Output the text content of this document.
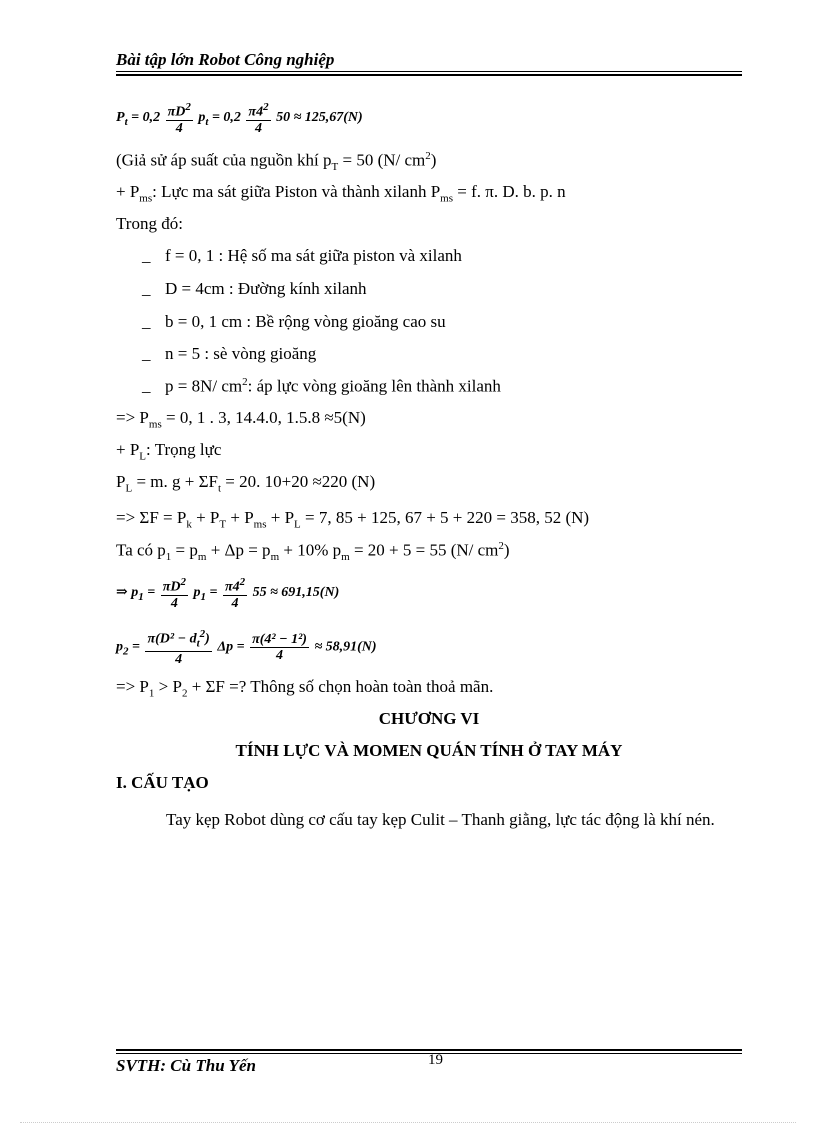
Bài tập lớn Robot Công nghiệp
$P_t = 0,2 \frac{\pi D^2}{4} p_t = 0,2 \frac{\pi 4^2}{4} 50 \approx 125,67(N)$
(Giả sử áp suất của nguồn khí $p_T = 50$ (N/ $cm^2$)
+ $P_{ms}$: Lực ma sát giữa Piston và thành xilanh $P_{ms} = f$. π. D. b. p. n
Trong đó:
_ f = 0, 1 : Hệ số ma sát giữa piston và xilanh
_ D = 4cm : Đường kính xilanh
_ b = 0, 1 cm : Bề rộng vòng gioăng cao su
_ n = 5 : sè vòng gioăng
_ p = 8N/ $cm^2$: áp lực vòng gioăng lên thành xilanh
=> $P_{ms} = 0$, 1 . 3, 14.4.0, 1.5.8 ≈5(N)
+ $P_L$: Trọng lực
$P_L = m$. $g + \Sigma F_t = 20$. 10+20 ≈220 (N)
=> $\Sigma F = P_k + P_T + P_{ms} + P_L = 7$, 85 + 125, 67 + 5 + 220 = 358, 52 (N)
Ta có $p_1 = p_m + \Delta p = p_m + 10\%$ $p_m = 20 + 5 = 55$ (N/ $cm^2$)
⇒ $p_1 = \frac{\pi D^2}{4} p_1 = \frac{\pi 4^2}{4} 55 \approx 691,15(N)$
$p_2 = \frac{\pi(D^2 - d_t^2)}{4}$ $\Delta p = \frac{\text{π(4² − 1²)}}{4} \approx 58,91(N)$
=> $P_1 > P_2 + \Sigma F$ =? Thông số chọn hoàn toàn thoả mãn.
CHƯƠNG VI
TÍNH LỰC VÀ MOMEN QUÁN TÍNH Ở TAY MÁY
I. CẤU TẠO
Tay kẹp Robot dùng cơ cấu tay kẹp Culit – Thanh giằng, lực tác động là khí nén.
SVTH: Cù Thu Yến	19
